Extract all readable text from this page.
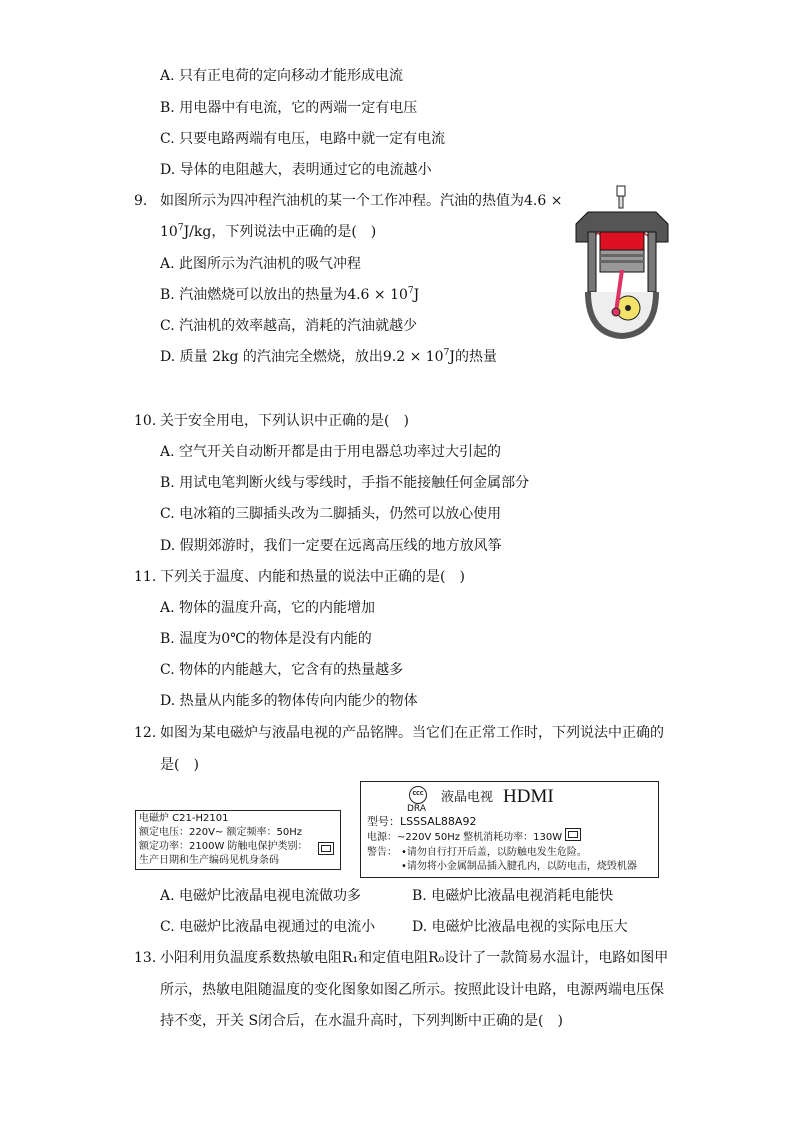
A. 只有正电荷的定向移动才能形成电流
B. 用电器中有电流，它的两端一定有电压
C. 只要电路两端有电压，电路中就一定有电流
D. 导体的电阻越大，表明通过它的电流越小
9. 如图所示为四冲程汽油机的某一个工作冲程。汽油的热值为4.6 ×
$10^7J/kg$，下列说法中正确的是(　)
A. 此图所示为汽油机的吸气冲程
B. 汽油燃烧可以放出的热量为$4.6 \times 10^7J$
C. 汽油机的效率越高，消耗的汽油就越少
D. 质量 2kg 的汽油完全燃烧，放出$9.2 \times 10^7J$的热量
10. 关于安全用电，下列认识中正确的是(　)
A. 空气开关自动断开都是由于用电器总功率过大引起的
B. 用试电笔判断火线与零线时，手指不能接触任何金属部分
C. 电冰箱的三脚插头改为二脚插头，仍然可以放心使用
D. 假期郊游时，我们一定要在远离高压线的地方放风筝
11. 下列关于温度、内能和热量的说法中正确的是(　)
A. 物体的温度升高，它的内能增加
B. 温度为0℃的物体是没有内能的
C. 物体的内能越大，它含有的热量越多
D. 热量从内能多的物体传向内能少的物体
12. 如图为某电磁炉与液晶电视的产品铭牌。当它们在正常工作时，下列说法中正确的
是(　)
电磁炉 C21-H2101
额定电压：220V~ 额定频率：50Hz
额定功率：2100W 防触电保护类别：
生产日期和生产编码见机身条码
CCC
DRA
液晶电视 HDMI
型号：LSSSAL88A92
电源：~220V 50Hz 整机消耗功率：130W
警告： •请勿自行打开后盖，以防触电发生危险。
•请勿将小金属制品插入腱孔内，以防电击，烧毁机器
A. 电磁炉比液晶电视电流做功多	B. 电磁炉比液晶电视消耗电能快
C. 电磁炉比液晶电视通过的电流小	D. 电磁炉比液晶电视的实际电压大
13. 小阳利用负温度系数热敏电阻R₁和定值电阻R₀设计了一款简易水温计，电路如图甲
所示，热敏电阻随温度的变化图象如图乙所示。按照此设计电路，电源两端电压保
持不变，开关 S闭合后，在水温升高时，下列判断中正确的是(　)
